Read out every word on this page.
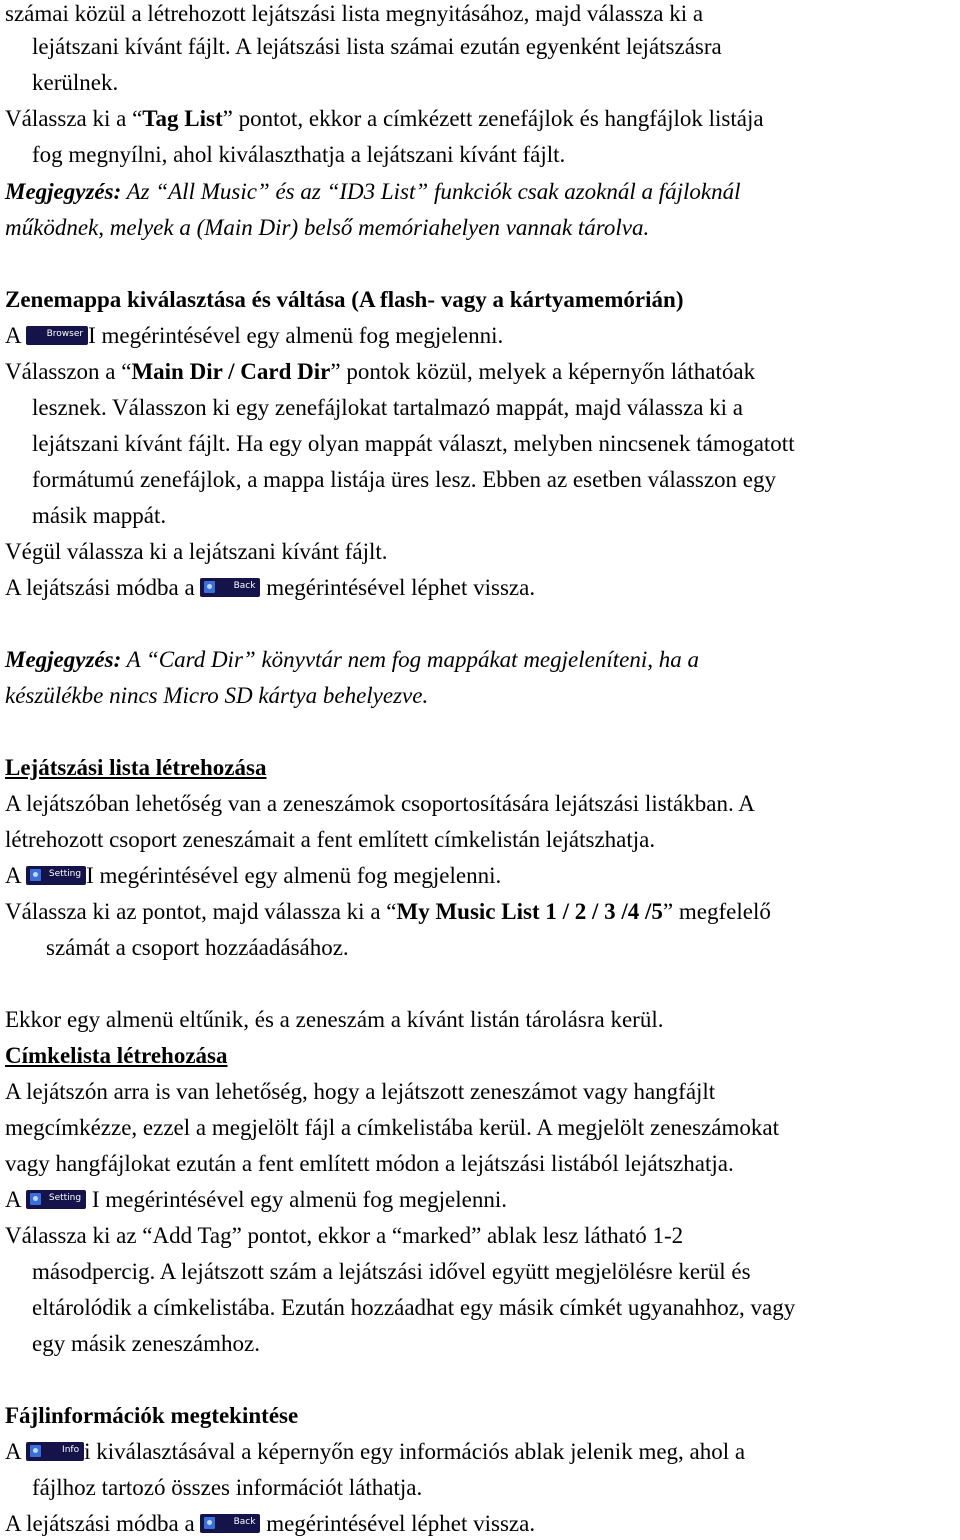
számai közül a létrehozott lejátszási lista megnyitásához, majd válassza ki a
lejátszani kívánt fájlt. A lejátszási lista számai ezután egyenként lejátszásra
kerülnek.
Válassza ki a “Tag List” pontot, ekkor a címkézett zenefájlok és hangfájlok listája
fog megnyílni, ahol kiválaszthatja a lejátszani kívánt fájlt.
Megjegyzés: Az “All Music” és az “ID3 List” funkciók csak azoknál a fájloknál
működnek, melyek a (Main Dir) belső memóriahelyen vannak tárolva.
Zenemappa kiválasztása és váltása (A flash- vagy a kártyamemórián)
A Browser I megérintésével egy almenü fog megjelenni.
Válasszon a “Main Dir / Card Dir” pontok közül, melyek a képernyőn láthatóak
lesznek. Válasszon ki egy zenefájlokat tartalmazó mappát, majd válassza ki a
lejátszani kívánt fájlt. Ha egy olyan mappát választ, melyben nincsenek támogatott
formátumú zenefájlok, a mappa listája üres lesz. Ebben az esetben válasszon egy
másik mappát.
Végül válassza ki a lejátszani kívánt fájlt.
A lejátszási módba a	Back megérintésével léphet vissza.
Megjegyzés: A “Card Dir” könyvtár nem fog mappákat megjeleníteni, ha a
készülékbe nincs Micro SD kártya behelyezve.
Lejátszási lista létrehozása
A lejátszóban lehetőség van a zeneszámok csoportosítására lejátszási listákban. A
létrehozott csoport zeneszámait a fent említett címkelistán lejátszhatja.
A	Setting I megérintésével egy almenü fog megjelenni.
Válassza ki az pontot, majd válassza ki a “My Music List 1 / 2 / 3 /4 /5” megfelelő
számát a csoport hozzáadásához.
Ekkor egy almenü eltűnik, és a zeneszám a kívánt listán tárolásra kerül.
Címkelista létrehozása
A lejátszón arra is van lehetőség, hogy a lejátszott zeneszámot vagy hangfájlt
megcímkézze, ezzel a megjelölt fájl a címkelistába kerül. A megjelölt zeneszámokat
vagy hangfájlokat ezután a fent említett módon a lejátszási listából lejátszhatja.
A	Setting I megérintésével egy almenü fog megjelenni.
Válassza ki az “Add Tag” pontot, ekkor a “marked” ablak lesz látható 1-2
másodpercig. A lejátszott szám a lejátszási idővel együtt megjelölésre kerül és
eltárolódik a címkelistába. Ezután hozzáadhat egy másik címkét ugyanahhoz, vagy
egy másik zeneszámhoz.
Fájlinformációk megtekintése
A	Info i kiválasztásával a képernyőn egy információs ablak jelenik meg, ahol a
fájlhoz tartozó összes információt láthatja.
A lejátszási módba a	Back megérintésével léphet vissza.
